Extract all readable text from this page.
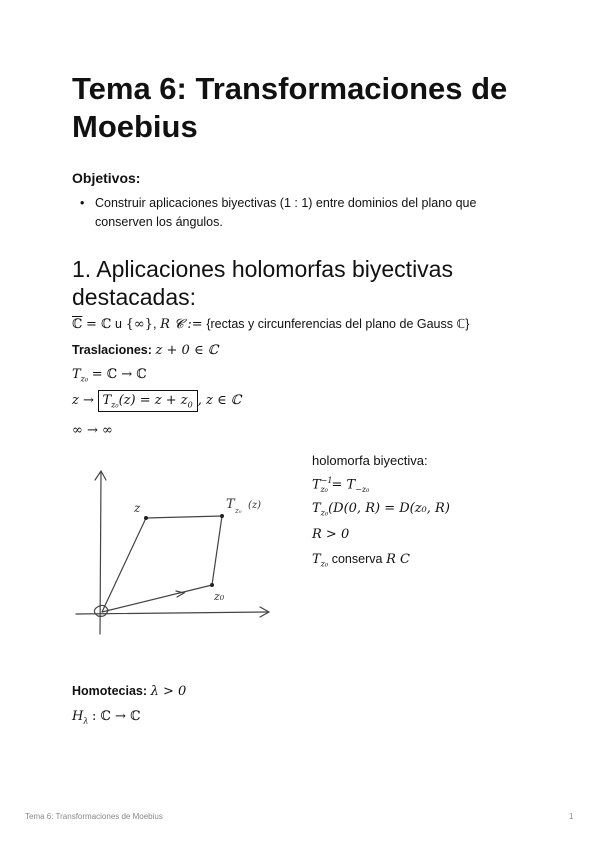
Tema 6: Transformaciones de Moebius
Objetivos:
• Construir aplicaciones biyectivas (1 : 1) entre dominios del plano que conserven los ángulos.
1. Aplicaciones holomorfas biyectivas destacadas:
ℂ = ℂ u {∞}, R 𝓒 := {rectas y circunferencias del plano de Gauss ℂ}
Traslaciones: z + 0 ∈ ℂ
$T_{z_0}$ = ℂ → ℂ
$z \to T_{z_0}(z) = z + z_0$ , z ∈ ℂ
∞ → ∞
holomorfa biyectiva:
$T^{-1}_{z_0} = T_{-z_0}$
$T_{z_0}(D(0$, R) = D(z₀, R)
R > 0
$T_{z_0}$ conserva R C
z	T z₀ (z)
z₀
Homotecias: λ > 0
$H_\lambda$ : ℂ → ℂ
Tema 6: Transformaciones de Moebius	1
